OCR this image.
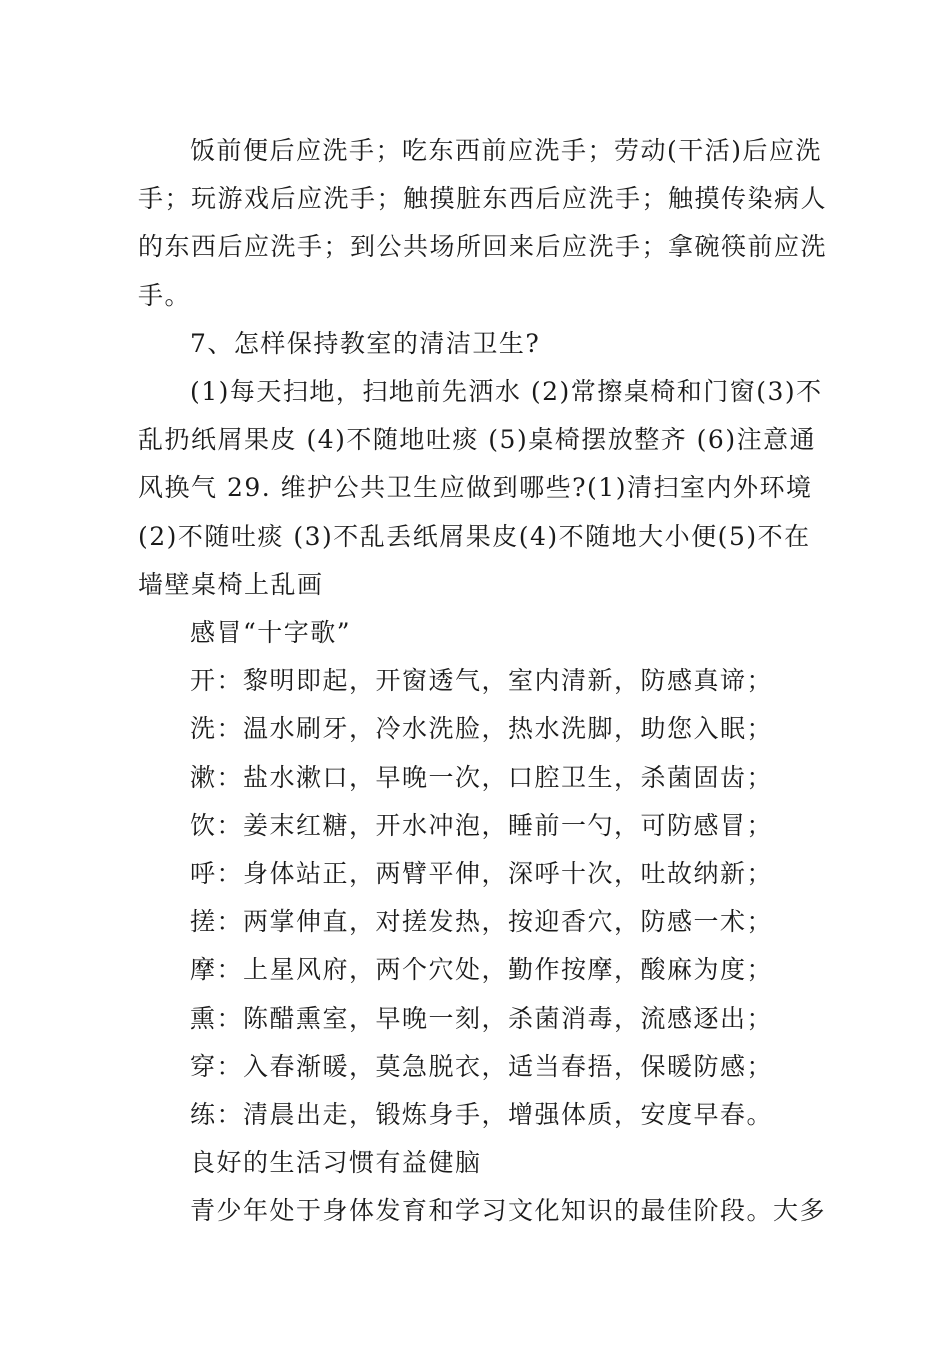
饭前便后应洗手；吃东西前应洗手；劳动(干活)后应洗手；玩游戏后应洗手；触摸脏东西后应洗手；触摸传染病人的东西后应洗手；到公共场所回来后应洗手；拿碗筷前应洗手。

7、怎样保持教室的清洁卫生?

(1)每天扫地，扫地前先洒水 (2)常擦桌椅和门窗(3)不乱扔纸屑果皮 (4)不随地吐痰 (5)桌椅摆放整齐 (6)注意通风换气 29. 维护公共卫生应做到哪些?(1)清扫室内外环境(2)不随吐痰 (3)不乱丢纸屑果皮(4)不随地大小便(5)不在墙壁桌椅上乱画

感冒“十字歌”
开：黎明即起，开窗透气，室内清新，防感真谛；
洗：温水刷牙，冷水洗脸，热水洗脚，助您入眠；
漱：盐水漱口，早晚一次，口腔卫生，杀菌固齿；
饮：姜末红糖，开水冲泡，睡前一勺，可防感冒；
呼：身体站正，两臂平伸，深呼十次，吐故纳新；
搓：两掌伸直，对搓发热，按迎香穴，防感一术；
摩：上星风府，两个穴处，勤作按摩，酸麻为度；
熏：陈醋熏室，早晚一刻，杀菌消毒，流感逐出；
穿：入春渐暖，莫急脱衣，适当春捂，保暖防感；
练：清晨出走，锻炼身手，增强体质，安度早春。
良好的生活习惯有益健脑
青少年处于身体发育和学习文化知识的最佳阶段。大多
